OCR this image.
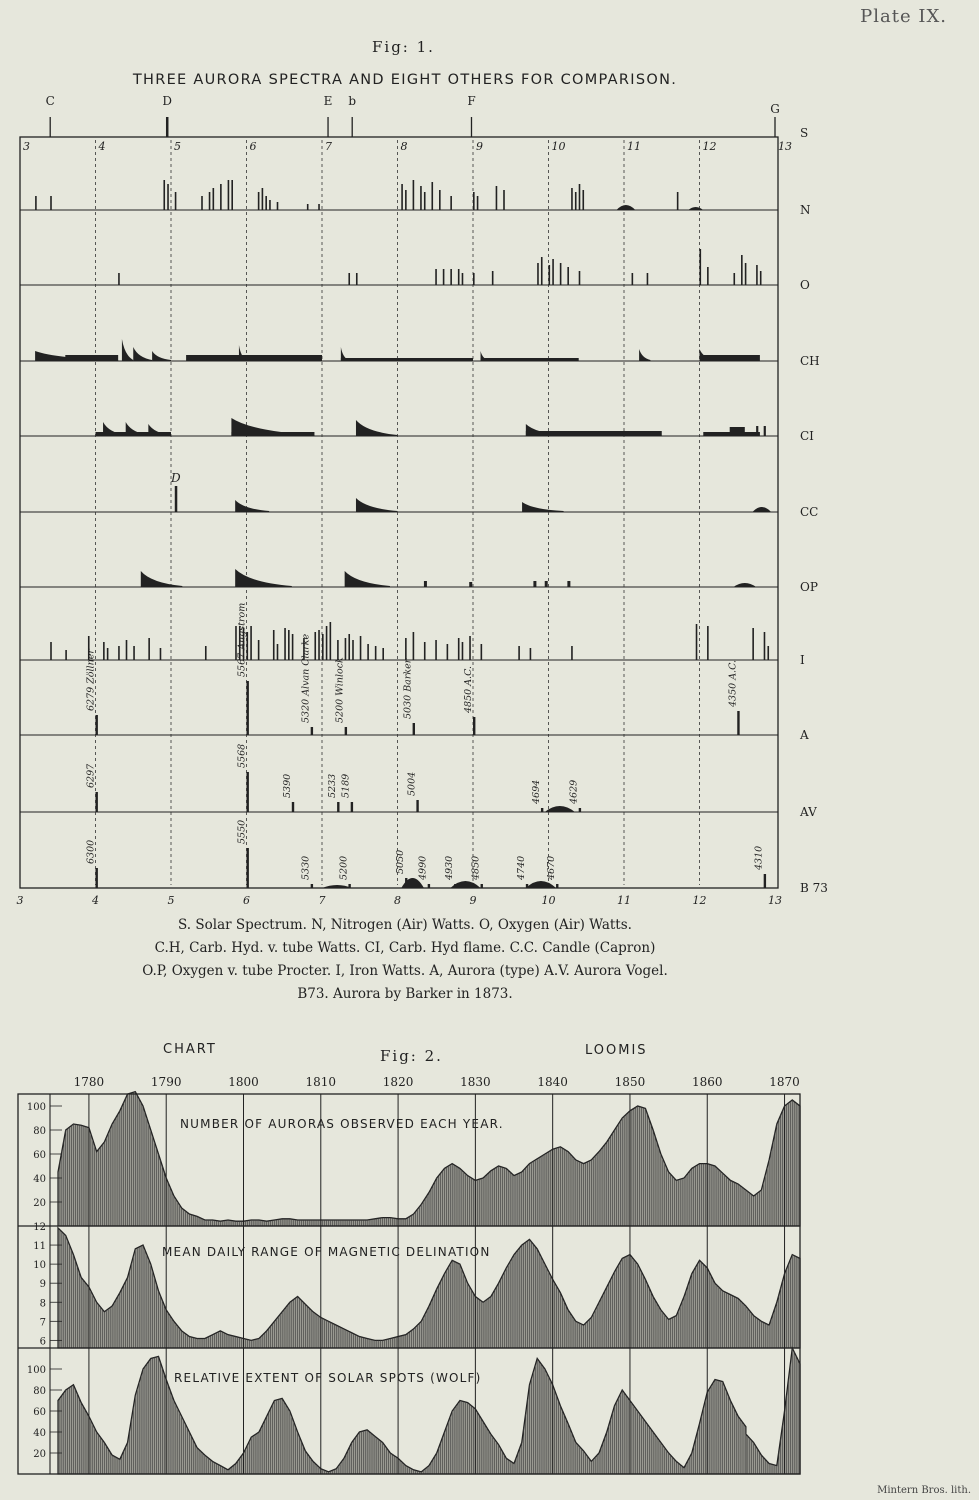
Plate IX.
Fig: 1.
THREE AURORA SPECTRA AND EIGHT OTHERS FOR COMPARISON.
3	4	5	6	7	8	9	10	11	12	13
3	4	5	6	7	8	9	10	11	12	13
C	D	E b	F
G
S
N
O
CH
CI
CC
OP
I
A
AV
B 73
D
6279 Zöllner
5567 Angstrom	5320 Alvan Clarke 5200 Winlock	5030 Barker	4850 A.C.	4350 A.C.
6297
5568
5390	5233 5189	5004	4694	4629
6300
5550
5330	5200	5050 4990 4930 4850	4740 4670	4310
S. Solar Spectrum. N, Nitrogen (Air) Watts. O, Oxygen (Air) Watts.
C.H, Carb. Hyd. v. tube Watts. CI, Carb. Hyd flame. C.C. Candle (Capron)
O.P, Oxygen v. tube Procter. I, Iron Watts. A, Aurora (type) A.V. Aurora Vogel.
B73. Aurora by Barker in 1873.
CHART	Fig: 2.	LOOMIS
1780	1790	1800	1810	1820	1830	1840	1850	1860	1870
100
80
60
40
20
NUMBER OF AURORAS OBSERVED EACH YEAR.
12
11
10
9
8
7
6
MEAN DAILY RANGE OF MAGNETIC DELINATION
100
80
60
40
20
RELATIVE EXTENT OF SOLAR SPOTS (WOLF)
Mintern Bros. lith.
